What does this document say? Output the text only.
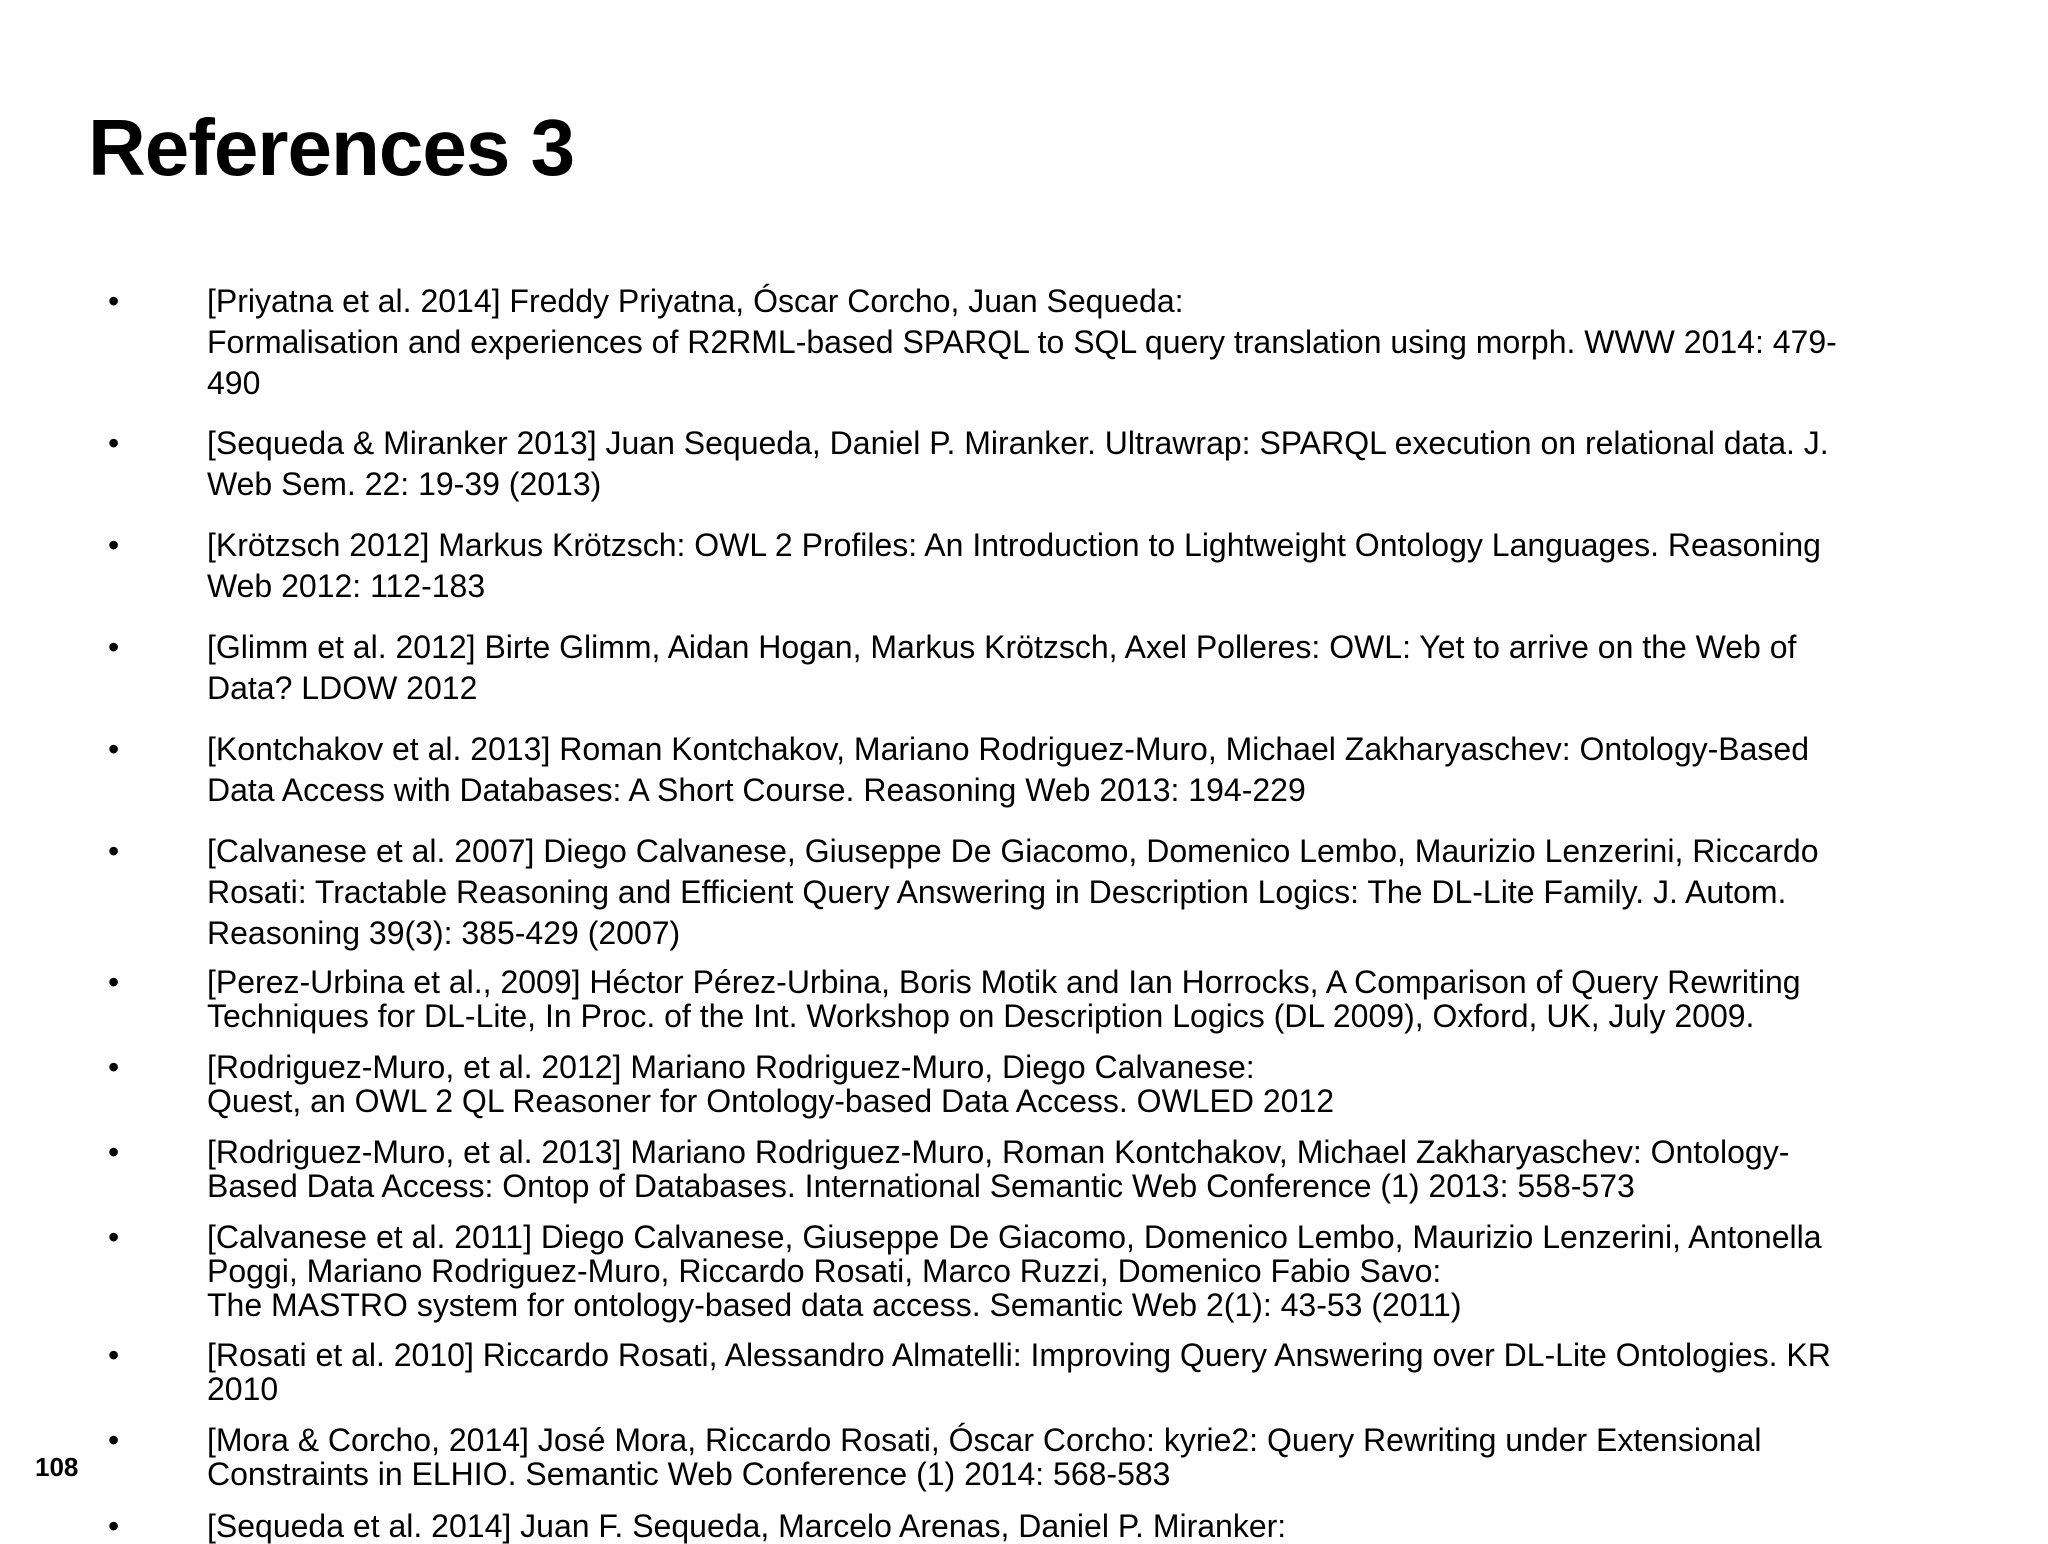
References 3
•	[Priyatna et al. 2014] Freddy Priyatna, Óscar Corcho, Juan Sequeda:
Formalisation and experiences of R2RML-based SPARQL to SQL query translation using morph. WWW 2014: 479-
490

•	[Sequeda & Miranker 2013] Juan Sequeda, Daniel P. Miranker. Ultrawrap: SPARQL execution on relational data. J.
Web Sem. 22: 19-39 (2013)

•	[Krötzsch 2012] Markus Krötzsch: OWL 2 Profiles: An Introduction to Lightweight Ontology Languages. Reasoning
Web 2012: 112-183

•	[Glimm et al. 2012] Birte Glimm, Aidan Hogan, Markus Krötzsch, Axel Polleres: OWL: Yet to arrive on the Web of
Data? LDOW 2012

•	[Kontchakov et al. 2013] Roman Kontchakov, Mariano Rodriguez-Muro, Michael Zakharyaschev: Ontology-Based
Data Access with Databases: A Short Course. Reasoning Web 2013: 194-229

•	[Calvanese et al. 2007] Diego Calvanese, Giuseppe De Giacomo, Domenico Lembo, Maurizio Lenzerini, Riccardo
Rosati: Tractable Reasoning and Efficient Query Answering in Description Logics: The DL-Lite Family. J. Autom.
Reasoning 39(3): 385-429 (2007)

•	[Perez-Urbina et al., 2009] Héctor Pérez-Urbina, Boris Motik and Ian Horrocks, A Comparison of Query Rewriting
Techniques for DL-Lite, In Proc. of the Int. Workshop on Description Logics (DL 2009), Oxford, UK, July 2009.

•	[Rodriguez-Muro, et al. 2012] Mariano Rodriguez-Muro, Diego Calvanese:
Quest, an OWL 2 QL Reasoner for Ontology-based Data Access. OWLED 2012

•	[Rodriguez-Muro, et al. 2013] Mariano Rodriguez-Muro, Roman Kontchakov, Michael Zakharyaschev: Ontology-
Based Data Access: Ontop of Databases. International Semantic Web Conference (1) 2013: 558-573

•	[Calvanese et al. 2011] Diego Calvanese, Giuseppe De Giacomo, Domenico Lembo, Maurizio Lenzerini, Antonella
Poggi, Mariano Rodriguez-Muro, Riccardo Rosati, Marco Ruzzi, Domenico Fabio Savo:
The MASTRO system for ontology-based data access. Semantic Web 2(1): 43-53 (2011)

•	[Rosati et al. 2010] Riccardo Rosati, Alessandro Almatelli: Improving Query Answering over DL-Lite Ontologies. KR
2010

•	[Mora & Corcho, 2014] José Mora, Riccardo Rosati, Óscar Corcho: kyrie2: Query Rewriting under Extensional
Constraints in ELHIO. Semantic Web Conference (1) 2014: 568-583

•	[Sequeda et al. 2014] Juan F. Sequeda, Marcelo Arenas, Daniel P. Miranker:

108
